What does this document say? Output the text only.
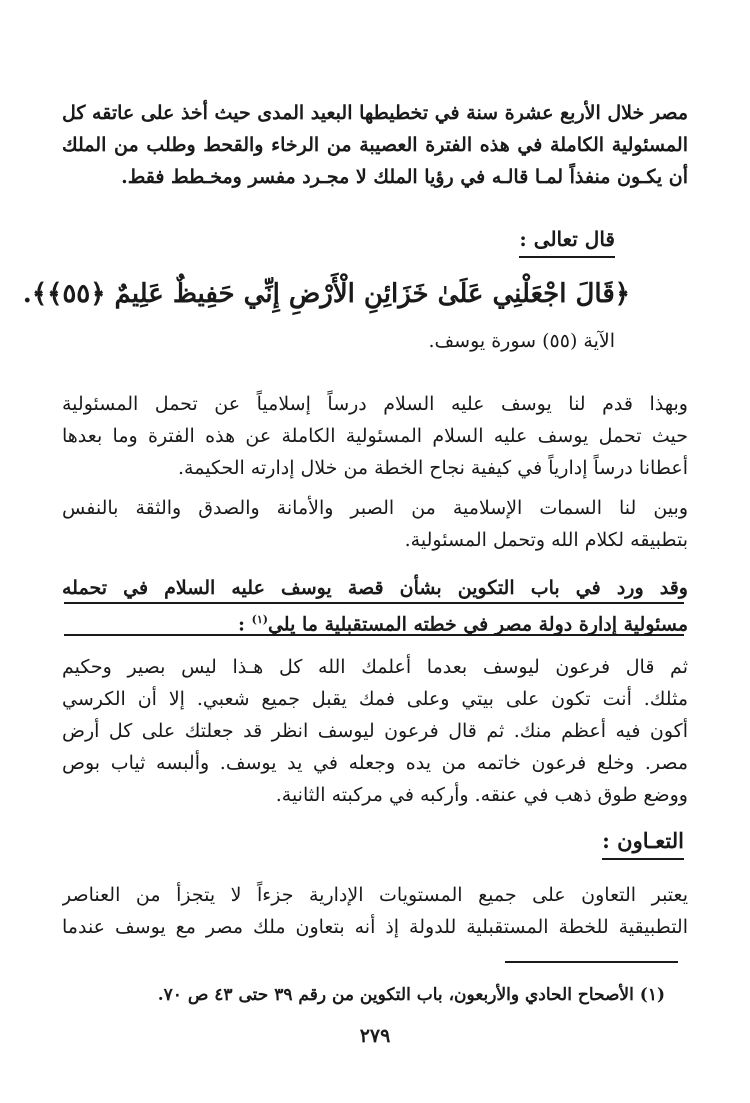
مصر خلال الأربع عشرة سنة في تخطيطها البعيد المدى حيث أخذ على عاتقه كل
المسئولية الكاملة في هذه الفترة العصيبة من الرخاء والقحط وطلب من الملك
أن يكـون منفذاً لمـا قالـه في رؤيا الملك لا مجـرد مفسر ومخـطط فقط.
قال تعالى :
﴿قَالَ اجْعَلْنِي عَلَىٰ خَزَائِنِ الْأَرْضِ إِنِّي حَفِيظٌ عَلِيمٌ ﴿٥٥﴾﴾.
الآية (٥٥) سورة يوسف.
وبهذا قدم لنا يوسف عليه السلام درساً إسلامياً عن تحمل المسئولية
حيث تحمل يوسف عليه السلام المسئولية الكاملة عن هذه الفترة وما بعدها
أعطانا درساً إدارياً في كيفية نجاح الخطة من خلال إدارته الحكيمة.
وبين لنا السمات الإسلامية من الصبر والأمانة والصدق والثقة بالنفس
بتطبيقه لكلام الله وتحمل المسئولية.
وقد ورد في باب التكوين بشأن قصة يوسف عليه السلام في تحمله
مسئولية إدارة دولة مصر في خطته المستقبلية ما يلي$^{(١)}$ :
ثم قال فرعون ليوسف بعدما أعلمك الله كل هـذا ليس بصير وحكيم
مثلك. أنت تكون على بيتي وعلى فمك يقبل جميع شعبي. إلا أن الكرسي
أكون فيه أعظم منك. ثم قال فرعون ليوسف انظر قد جعلتك على كل أرض
مصر. وخلع فرعون خاتمه من يده وجعله في يد يوسف. وألبسه ثياب بوص
ووضع طوق ذهب في عنقه. وأركبه في مركبته الثانية.
التعـاون :
يعتبر التعاون على جميع المستويات الإدارية جزءاً لا يتجزأ من العناصر
التطبيقية للخطة المستقبلية للدولة إذ أنه بتعاون ملك مصر مع يوسف عندما
(١) الأصحاح الحادي والأربعون، باب التكوين من رقم ٣٩ حتى ٤٣ ص ٧٠.
٢٧٩
